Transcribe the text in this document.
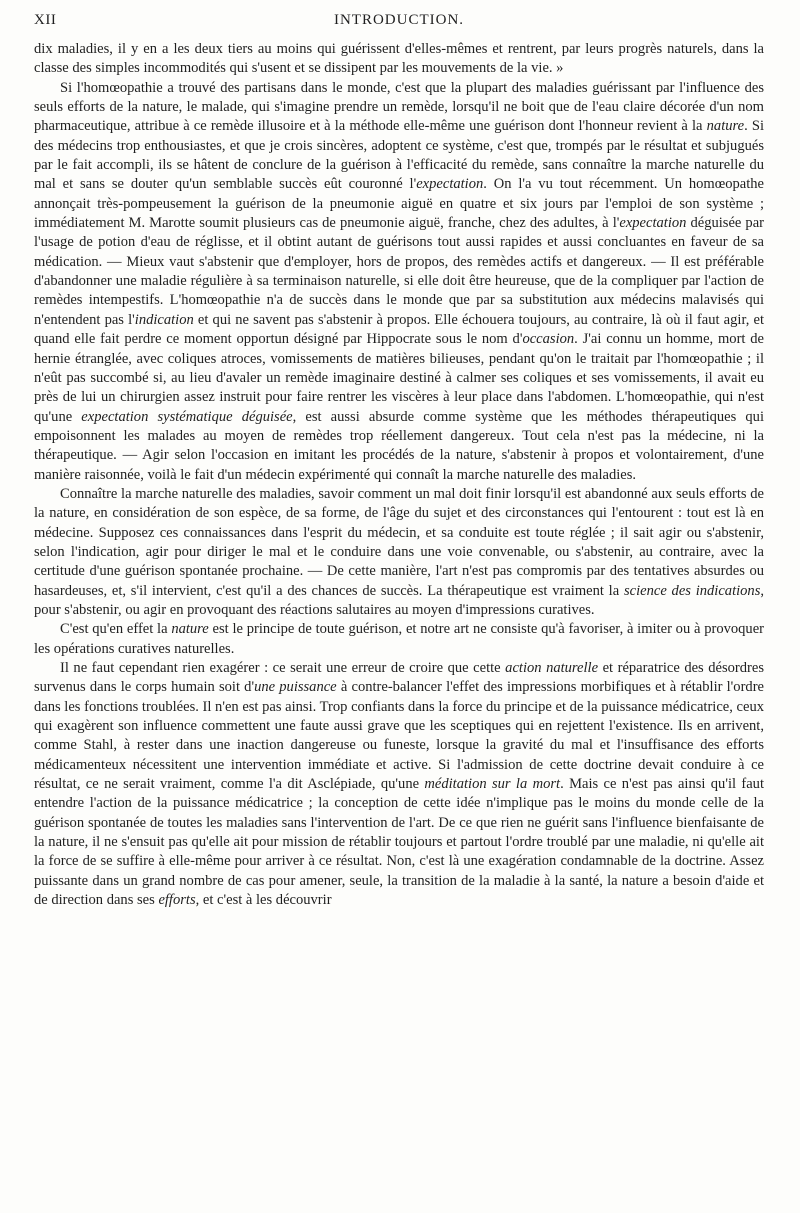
XII	INTRODUCTION.

dix maladies, il y en a les deux tiers au moins qui guérissent d'elles-mêmes et rentrent, par leurs progrès naturels, dans la classe des simples incommodités qui s'usent et se dissipent par les mouvements de la vie. »

Si l'homœopathie a trouvé des partisans dans le monde, c'est que la plupart des maladies guérissant par l'influence des seuls efforts de la nature, le malade, qui s'imagine prendre un remède, lorsqu'il ne boit que de l'eau claire décorée d'un nom pharmaceutique, attribue à ce remède illusoire et à la méthode elle-même une guérison dont l'honneur revient à la nature. Si des médecins trop enthousiastes, et que je crois sincères, adoptent ce système, c'est que, trompés par le résultat et subjugués par le fait accompli, ils se hâtent de conclure de la guérison à l'efficacité du remède, sans connaître la marche naturelle du mal et sans se douter qu'un semblable succès eût couronné l'expectation. On l'a vu tout récemment. Un homœopathe annonçait très-pompeusement la guérison de la pneumonie aiguë en quatre et six jours par l'emploi de son système ; immédiatement M. Marotte soumit plusieurs cas de pneumonie aiguë, franche, chez des adultes, à l'expectation déguisée par l'usage de potion d'eau de réglisse, et il obtint autant de guérisons tout aussi rapides et aussi concluantes en faveur de sa médication. — Mieux vaut s'abstenir que d'employer, hors de propos, des remèdes actifs et dangereux. — Il est préférable d'abandonner une maladie régulière à sa terminaison naturelle, si elle doit être heureuse, que de la compliquer par l'action de remèdes intempestifs. L'homœopathie n'a de succès dans le monde que par sa substitution aux médecins malavisés qui n'entendent pas l'indication et qui ne savent pas s'abstenir à propos. Elle échouera toujours, au contraire, là où il faut agir, et quand elle fait perdre ce moment opportun désigné par Hippocrate sous le nom d'occasion. J'ai connu un homme, mort de hernie étranglée, avec coliques atroces, vomissements de matières bilieuses, pendant qu'on le traitait par l'homœopathie ; il n'eût pas succombé si, au lieu d'avaler un remède imaginaire destiné à calmer ses coliques et ses vomissements, il avait eu près de lui un chirurgien assez instruit pour faire rentrer les viscères à leur place dans l'abdomen. L'homœopathie, qui n'est qu'une expectation systématique déguisée, est aussi absurde comme système que les méthodes thérapeutiques qui empoisonnent les malades au moyen de remèdes trop réellement dangereux. Tout cela n'est pas la médecine, ni la thérapeutique. — Agir selon l'occasion en imitant les procédés de la nature, s'abstenir à propos et volontairement, d'une manière raisonnée, voilà le fait d'un médecin expérimenté qui connaît la marche naturelle des maladies.

Connaître la marche naturelle des maladies, savoir comment un mal doit finir lorsqu'il est abandonné aux seuls efforts de la nature, en considération de son espèce, de sa forme, de l'âge du sujet et des circonstances qui l'entourent : tout est là en médecine. Supposez ces connaissances dans l'esprit du médecin, et sa conduite est toute réglée ; il sait agir ou s'abstenir, selon l'indication, agir pour diriger le mal et le conduire dans une voie convenable, ou s'abstenir, au contraire, avec la certitude d'une guérison spontanée prochaine. — De cette manière, l'art n'est pas compromis par des tentatives absurdes ou hasardeuses, et, s'il intervient, c'est qu'il a des chances de succès. La thérapeutique est vraiment la science des indications, pour s'abstenir, ou agir en provoquant des réactions salutaires au moyen d'impressions curatives.

C'est qu'en effet la nature est le principe de toute guérison, et notre art ne consiste qu'à favoriser, à imiter ou à provoquer les opérations curatives naturelles.

Il ne faut cependant rien exagérer : ce serait une erreur de croire que cette action naturelle et réparatrice des désordres survenus dans le corps humain soit d'une puissance à contre-balancer l'effet des impressions morbifiques et à rétablir l'ordre dans les fonctions troublées. Il n'en est pas ainsi. Trop confiants dans la force du principe et de la puissance médicatrice, ceux qui exagèrent son influence commettent une faute aussi grave que les sceptiques qui en rejettent l'existence. Ils en arrivent, comme Stahl, à rester dans une inaction dangereuse ou funeste, lorsque la gravité du mal et l'insuffisance des efforts médicamenteux nécessitent une intervention immédiate et active. Si l'admission de cette doctrine devait conduire à ce résultat, ce ne serait vraiment, comme l'a dit Asclépiade, qu'une méditation sur la mort. Mais ce n'est pas ainsi qu'il faut entendre l'action de la puissance médicatrice ; la conception de cette idée n'implique pas le moins du monde celle de la guérison spontanée de toutes les maladies sans l'intervention de l'art. De ce que rien ne guérit sans l'influence bienfaisante de la nature, il ne s'ensuit pas qu'elle ait pour mission de rétablir toujours et partout l'ordre troublé par une maladie, ni qu'elle ait la force de se suffire à elle-même pour arriver à ce résultat. Non, c'est là une exagération condamnable de la doctrine. Assez puissante dans un grand nombre de cas pour amener, seule, la transition de la maladie à la santé, la nature a besoin d'aide et de direction dans ses efforts, et c'est à les découvrir
